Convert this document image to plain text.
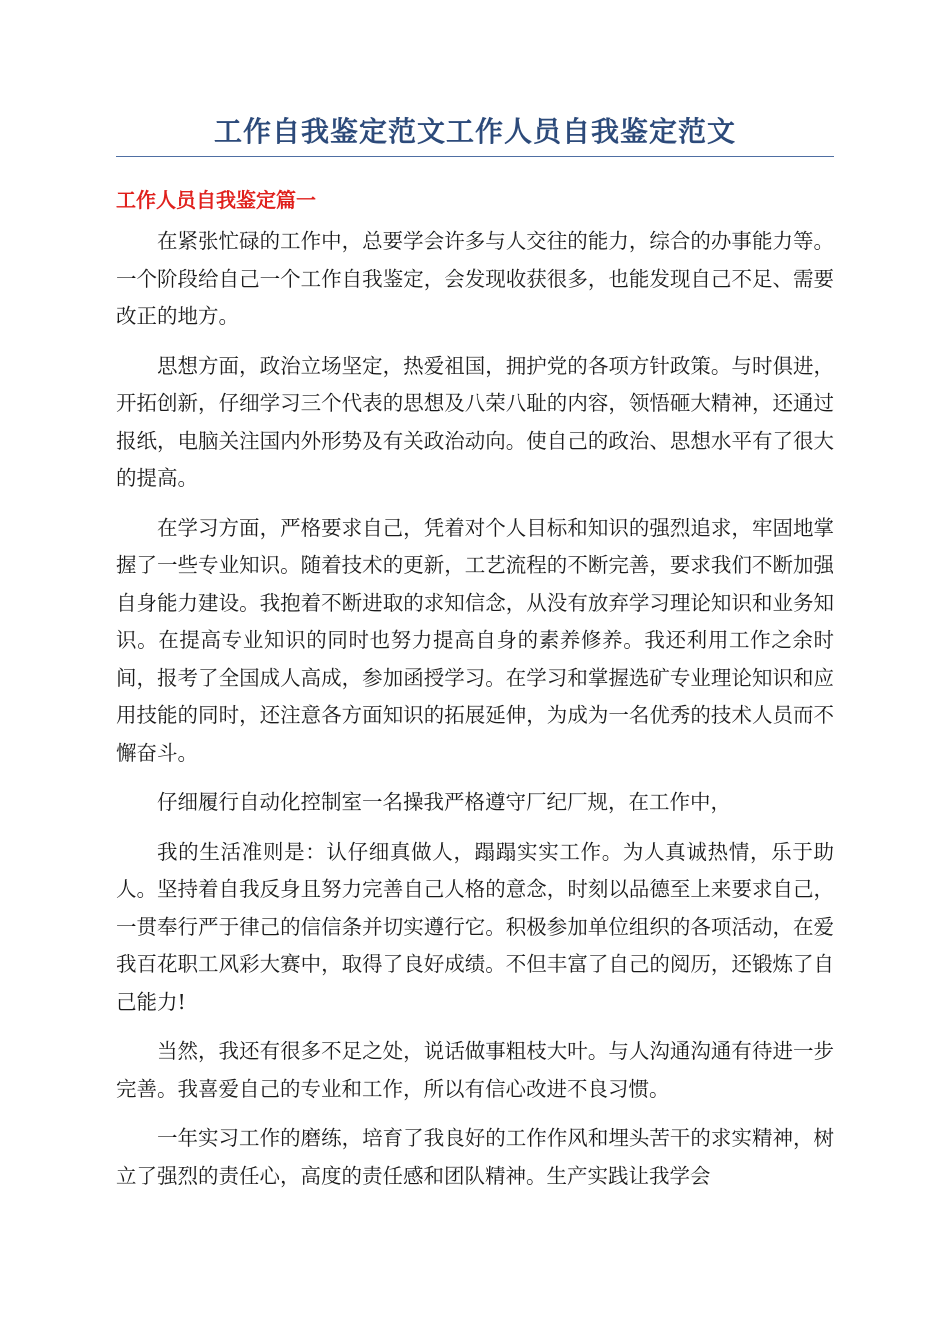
工作自我鉴定范文工作人员自我鉴定范文
工作人员自我鉴定篇一

在紧张忙碌的工作中，总要学会许多与人交往的能力，综合的办事能力等。一个阶段给自己一个工作自我鉴定，会发现收获很多，也能发现自己不足、需要改正的地方。

思想方面，政治立场坚定，热爱祖国，拥护党的各项方针政策。与时俱进，开拓创新，仔细学习三个代表的思想及八荣八耻的内容，领悟砸大精神，还通过报纸，电脑关注国内外形势及有关政治动向。使自己的政治、思想水平有了很大的提高。

在学习方面，严格要求自己，凭着对个人目标和知识的强烈追求，牢固地掌握了一些专业知识。随着技术的更新，工艺流程的不断完善，要求我们不断加强自身能力建设。我抱着不断进取的求知信念，从没有放弃学习理论知识和业务知识。在提高专业知识的同时也努力提高自身的素养修养。我还利用工作之余时间，报考了全国成人高成，参加函授学习。在学习和掌握选矿专业理论知识和应用技能的同时，还注意各方面知识的拓展延伸，为成为一名优秀的技术人员而不懈奋斗。

仔细履行自动化控制室一名操我严格遵守厂纪厂规，在工作中，

我的生活准则是：认仔细真做人，蹋蹋实实工作。为人真诚热情，乐于助人。坚持着自我反身且努力完善自己人格的意念，时刻以品德至上来要求自己，一贯奉行严于律己的信信条并切实遵行它。积极参加单位组织的各项活动，在爱我百花职工风彩大赛中，取得了良好成绩。不但丰富了自己的阅历，还锻炼了自己能力!

当然，我还有很多不足之处，说话做事粗枝大叶。与人沟通沟通有待进一步完善。我喜爱自己的专业和工作，所以有信心改进不良习惯。

一年实习工作的磨练，培育了我良好的工作作风和埋头苦干的求实精神，树立了强烈的责任心，高度的责任感和团队精神。生产实践让我学会
